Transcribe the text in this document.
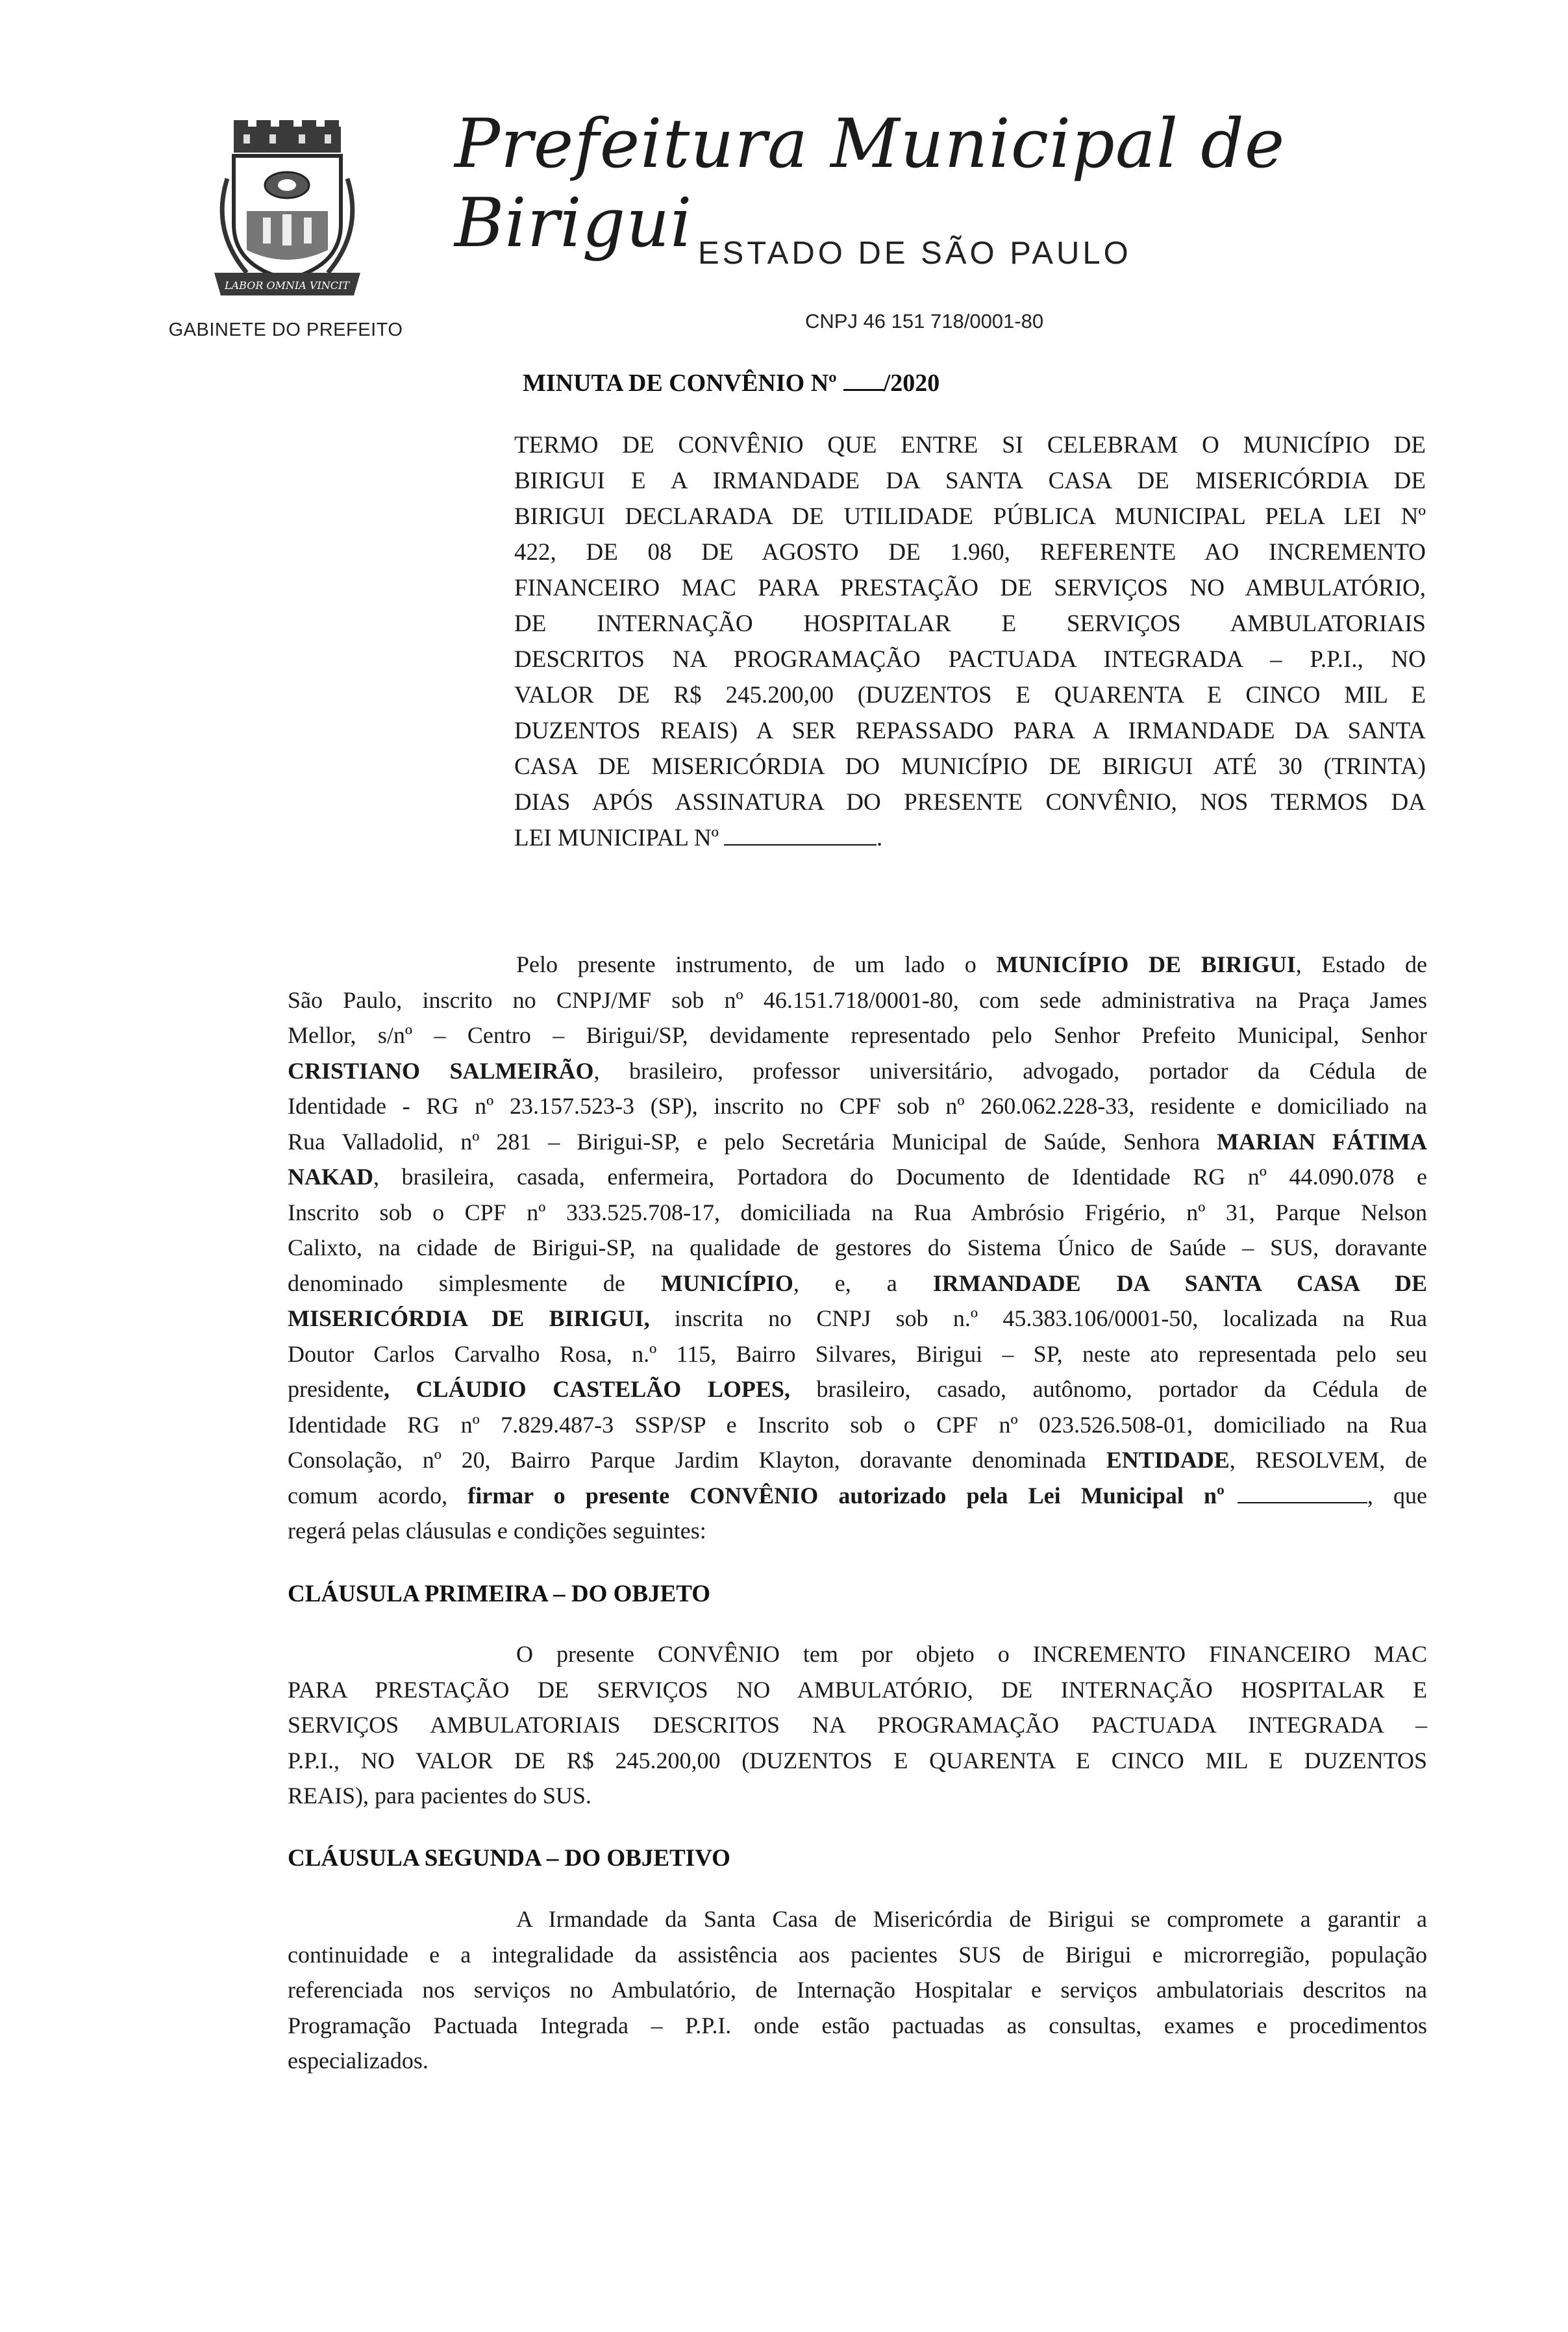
LABOR OMNIA VINCIT
GABINETE DO PREFEITO
Prefeitura Municipal de Birigui ESTADO DE SÃO PAULO
CNPJ 46 151 718/0001-80
MINUTA DE CONVÊNIO Nº /2020
TERMO DE CONVÊNIO QUE ENTRE SI CELEBRAM O MUNICÍPIO DE
BIRIGUI E A IRMANDADE DA SANTA CASA DE MISERICÓRDIA DE
BIRIGUI DECLARADA DE UTILIDADE PÚBLICA MUNICIPAL PELA LEI Nº
422, DE 08 DE AGOSTO DE 1.960, REFERENTE AO INCREMENTO
FINANCEIRO MAC PARA PRESTAÇÃO DE SERVIÇOS NO AMBULATÓRIO,
DE INTERNAÇÃO HOSPITALAR E SERVIÇOS AMBULATORIAIS
DESCRITOS NA PROGRAMAÇÃO PACTUADA INTEGRADA – P.P.I., NO
VALOR DE R$ 245.200,00 (DUZENTOS E QUARENTA E CINCO MIL E
DUZENTOS REAIS) A SER REPASSADO PARA A IRMANDADE DA SANTA
CASA DE MISERICÓRDIA DO MUNICÍPIO DE BIRIGUI ATÉ 30 (TRINTA)
DIAS APÓS ASSINATURA DO PRESENTE CONVÊNIO, NOS TERMOS DA
LEI MUNICIPAL Nº	.
Pelo presente instrumento, de um lado o MUNICÍPIO DE BIRIGUI, Estado de
São Paulo, inscrito no CNPJ/MF sob nº 46.151.718/0001-80, com sede administrativa na Praça James
Mellor, s/nº – Centro – Birigui/SP, devidamente representado pelo Senhor Prefeito Municipal, Senhor
CRISTIANO SALMEIRÃO, brasileiro, professor universitário, advogado, portador da Cédula de
Identidade - RG nº 23.157.523-3 (SP), inscrito no CPF sob nº 260.062.228-33, residente e domiciliado na
Rua Valladolid, nº 281 – Birigui-SP, e pelo Secretária Municipal de Saúde, Senhora MARIAN FÁTIMA
NAKAD, brasileira, casada, enfermeira, Portadora do Documento de Identidade RG nº 44.090.078 e
Inscrito sob o CPF nº 333.525.708-17, domiciliada na Rua Ambrósio Frigério, nº 31, Parque Nelson
Calixto, na cidade de Birigui-SP, na qualidade de gestores do Sistema Único de Saúde – SUS, doravante
denominado simplesmente de MUNICÍPIO, e, a IRMANDADE DA SANTA CASA DE
MISERICÓRDIA DE BIRIGUI, inscrita no CNPJ sob n.º 45.383.106/0001-50, localizada na Rua
Doutor Carlos Carvalho Rosa, n.º 115, Bairro Silvares, Birigui – SP, neste ato representada pelo seu
presidente, CLÁUDIO CASTELÃO LOPES, brasileiro, casado, autônomo, portador da Cédula de
Identidade RG nº 7.829.487-3 SSP/SP e Inscrito sob o CPF nº 023.526.508-01, domiciliado na Rua
Consolação, nº 20, Bairro Parque Jardim Klayton, doravante denominada ENTIDADE, RESOLVEM, de
comum acordo, firmar o presente CONVÊNIO autorizado pela Lei Municipal nº	, que
regerá pelas cláusulas e condições seguintes:
CLÁUSULA PRIMEIRA – DO OBJETO
O presente CONVÊNIO tem por objeto o INCREMENTO FINANCEIRO MAC
PARA PRESTAÇÃO DE SERVIÇOS NO AMBULATÓRIO, DE INTERNAÇÃO HOSPITALAR E
SERVIÇOS AMBULATORIAIS DESCRITOS NA PROGRAMAÇÃO PACTUADA INTEGRADA –
P.P.I., NO VALOR DE R$ 245.200,00 (DUZENTOS E QUARENTA E CINCO MIL E DUZENTOS
REAIS), para pacientes do SUS.
CLÁUSULA SEGUNDA – DO OBJETIVO
A Irmandade da Santa Casa de Misericórdia de Birigui se compromete a garantir a
continuidade e a integralidade da assistência aos pacientes SUS de Birigui e microrregião, população
referenciada nos serviços no Ambulatório, de Internação Hospitalar e serviços ambulatoriais descritos na
Programação Pactuada Integrada – P.P.I. onde estão pactuadas as consultas, exames e procedimentos
especializados.
